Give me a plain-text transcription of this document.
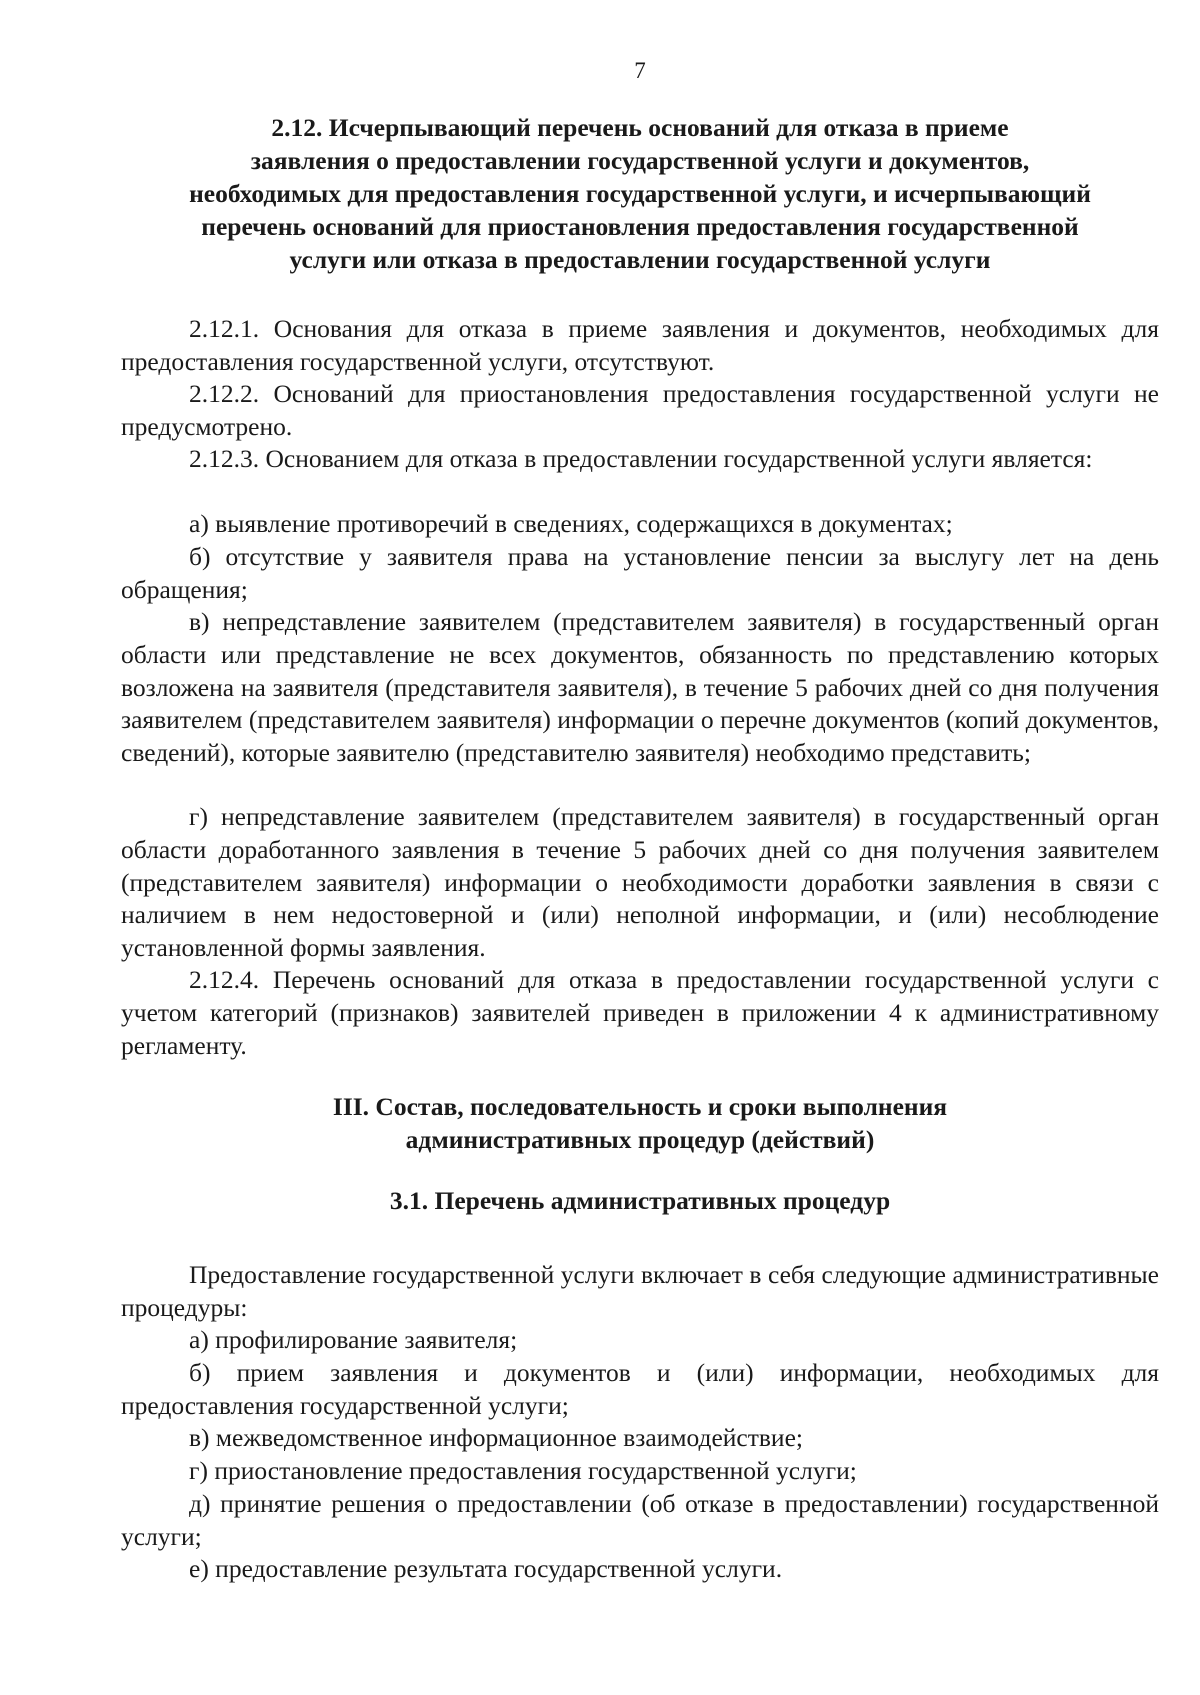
7
2.12. Исчерпывающий перечень оснований для отказа в приеме
заявления о предоставлении государственной услуги и документов,
необходимых для предоставления государственной услуги, и исчерпывающий
перечень оснований для приостановления предоставления государственной
услуги или отказа в предоставлении государственной услуги

2.12.1. Основания для отказа в приеме заявления и документов, необходимых для предоставления государственной услуги, отсутствуют.

2.12.2. Оснований для приостановления предоставления государственной услуги не предусмотрено.

2.12.3. Основанием для отказа в предоставлении государственной услуги является:

а) выявление противоречий в сведениях, содержащихся в документах;

б) отсутствие у заявителя права на установление пенсии за выслугу лет на день обращения;

в) непредставление заявителем (представителем заявителя) в государственный орган области или представление не всех документов, обязанность по представлению которых возложена на заявителя (представителя заявителя), в течение 5 рабочих дней со дня получения заявителем (представителем заявителя) информации о перечне документов (копий документов, сведений), которые заявителю (представителю заявителя) необходимо представить;

г) непредставление заявителем (представителем заявителя) в государственный орган области доработанного заявления в течение 5 рабочих дней со дня получения заявителем (представителем заявителя) информации о необходимости доработки заявления в связи с наличием в нем недостоверной и (или) неполной информации, и (или) несоблюдение установленной формы заявления.

2.12.4. Перечень оснований для отказа в предоставлении государственной услуги с учетом категорий (признаков) заявителей приведен в приложении 4 к административному регламенту.

III. Состав, последовательность и сроки выполнения
административных процедур (действий)
3.1. Перечень административных процедур

Предоставление государственной услуги включает в себя следующие административные процедуры:

а) профилирование заявителя;

б) прием заявления и документов и (или) информации, необходимых для предоставления государственной услуги;

в) межведомственное информационное взаимодействие;

г) приостановление предоставления государственной услуги;

д) принятие решения о предоставлении (об отказе в предоставлении) государственной услуги;

е) предоставление результата государственной услуги.
